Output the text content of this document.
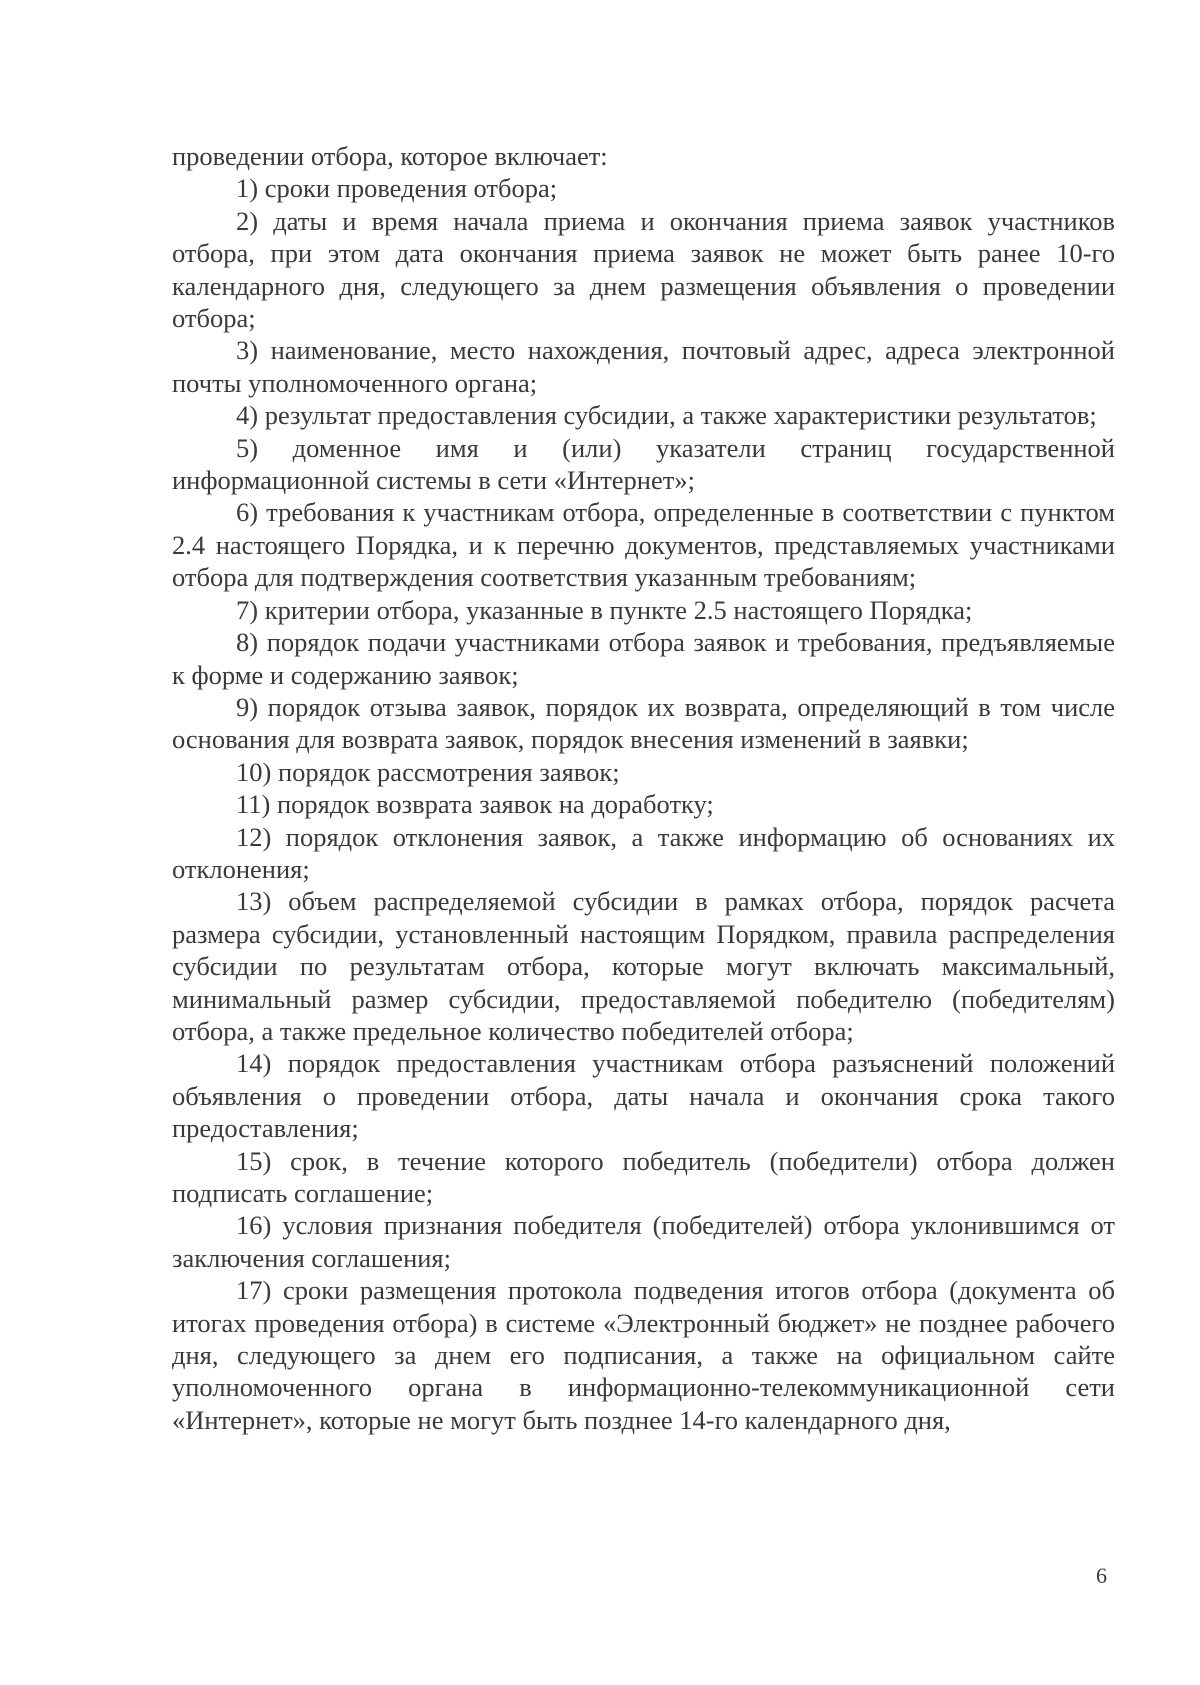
проведении отбора, которое включает:

1) сроки проведения отбора;

2) даты и время начала приема и окончания приема заявок участников отбора, при этом дата окончания приема заявок не может быть ранее 10-го календарного дня, следующего за днем размещения объявления о проведении отбора;

3) наименование, место нахождения, почтовый адрес, адреса электронной почты уполномоченного органа;

4) результат предоставления субсидии, а также характеристики результатов;

5) доменное имя и (или) указатели страниц государственной информационной системы в сети «Интернет»;

6) требования к участникам отбора, определенные в соответствии с пунктом 2.4 настоящего Порядка, и к перечню документов, представляемых участниками отбора для подтверждения соответствия указанным требованиям;

7) критерии отбора, указанные в пункте 2.5 настоящего Порядка;

8) порядок подачи участниками отбора заявок и требования, предъявляемые к форме и содержанию заявок;

9) порядок отзыва заявок, порядок их возврата, определяющий в том числе основания для возврата заявок, порядок внесения изменений в заявки;

10) порядок рассмотрения заявок;

11) порядок возврата заявок на доработку;

12) порядок отклонения заявок, а также информацию об основаниях их отклонения;

13) объем распределяемой субсидии в рамках отбора, порядок расчета размера субсидии, установленный настоящим Порядком, правила распределения субсидии по результатам отбора, которые могут включать максимальный, минимальный размер субсидии, предоставляемой победителю (победителям) отбора, а также предельное количество победителей отбора;

14) порядок предоставления участникам отбора разъяснений положений объявления о проведении отбора, даты начала и окончания срока такого предоставления;

15) срок, в течение которого победитель (победители) отбора должен подписать соглашение;

16) условия признания победителя (победителей) отбора уклонившимся от заключения соглашения;

17) сроки размещения протокола подведения итогов отбора (документа об итогах проведения отбора) в системе «Электронный бюджет» не позднее рабочего дня, следующего за днем его подписания, а также на официальном сайте уполномоченного органа в информационно-телекоммуникационной сети «Интернет», которые не могут быть позднее 14-го календарного дня,

6
